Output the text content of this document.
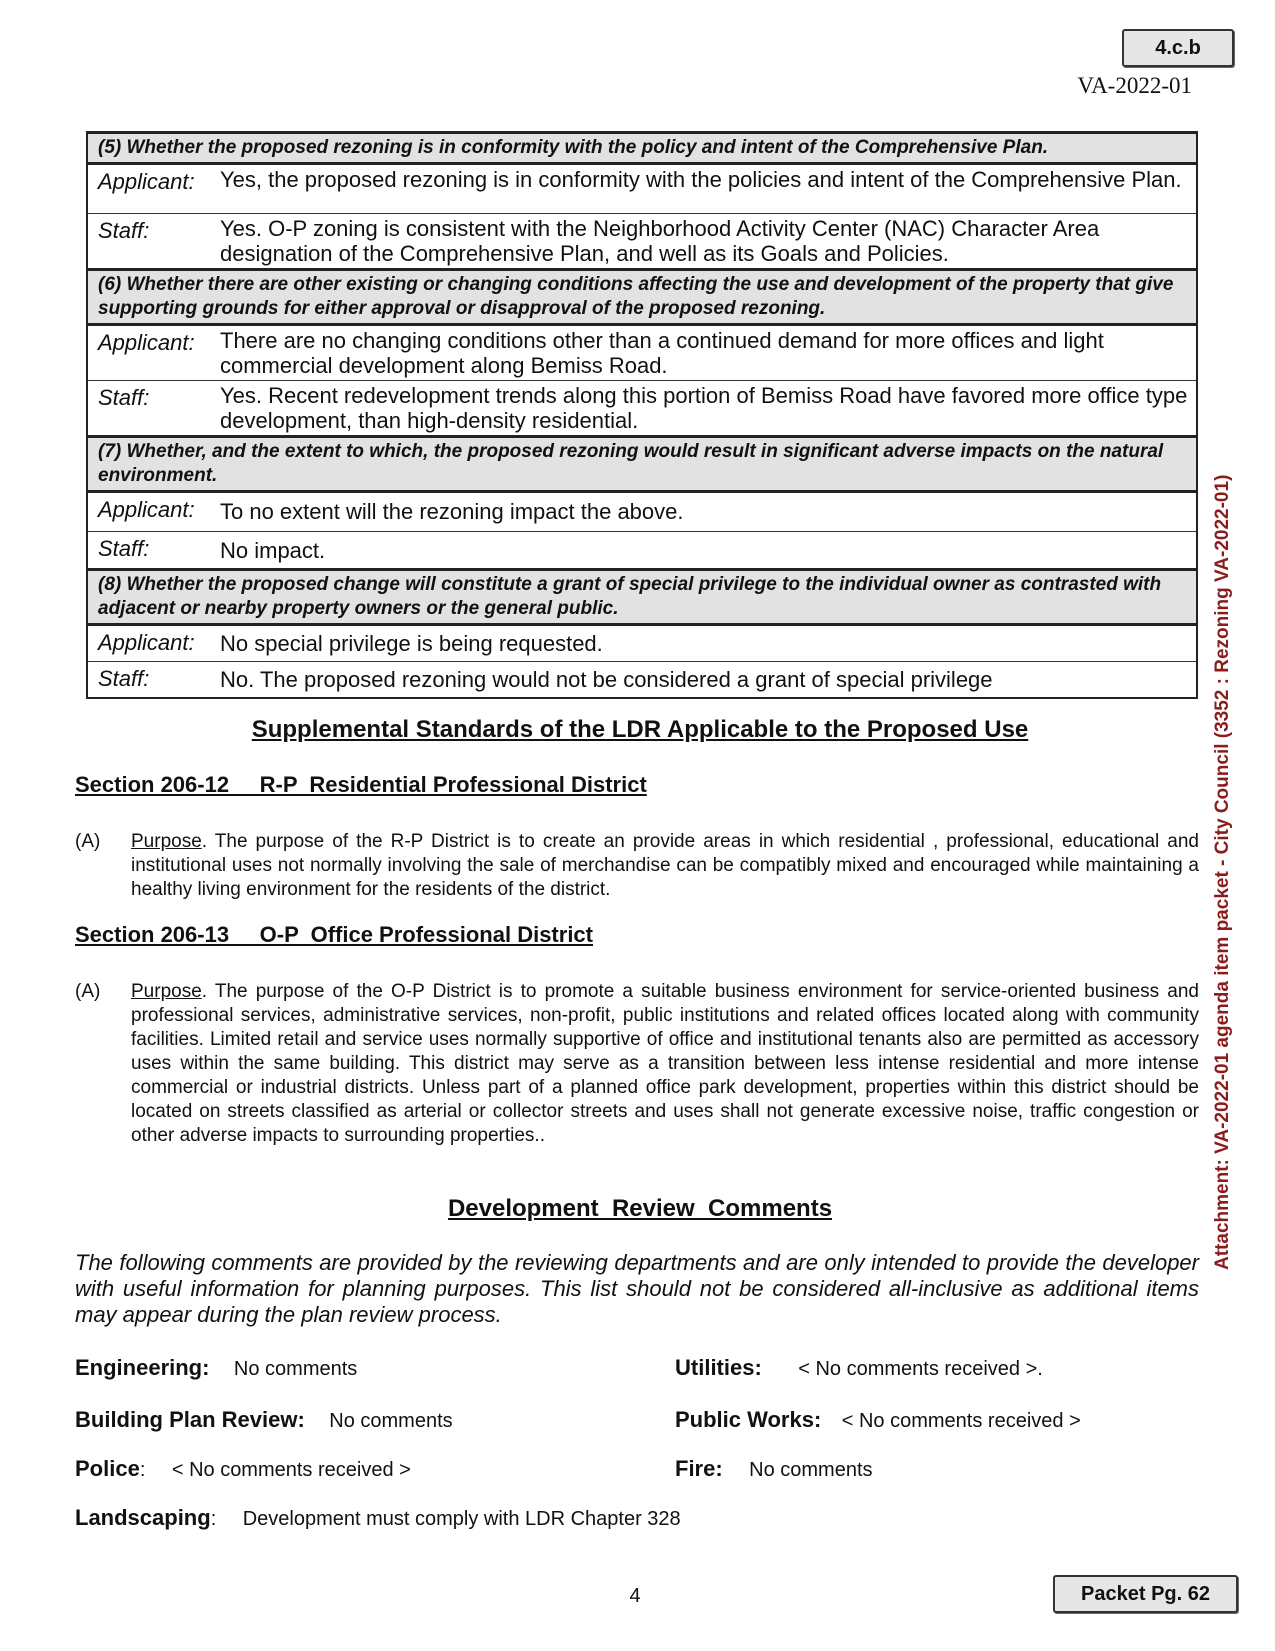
4.c.b
VA-2022-01
(5) Whether the proposed rezoning is in conformity with the policy and intent of the Comprehensive Plan.	
Applicant:	Yes, the proposed rezoning is in conformity with the policies and intent of the Comprehensive Plan.
Staff:	Yes. O-P zoning is consistent with the Neighborhood Activity Center (NAC) Character Area designation of the Comprehensive Plan, and well as its Goals and Policies.
(6) Whether there are other existing or changing conditions affecting the use and development of the property that give supporting grounds for either approval or disapproval of the proposed rezoning.	
Applicant:	There are no changing conditions other than a continued demand for more offices and light commercial development along Bemiss Road.
Staff:	Yes. Recent redevelopment trends along this portion of Bemiss Road have favored more office type development, than high-density residential.
(7) Whether, and the extent to which, the proposed rezoning would result in significant adverse impacts on the natural environment.	
Applicant:	To no extent will the rezoning impact the above.
Staff:	No impact.
(8) Whether the proposed change will constitute a grant of special privilege to the individual owner as contrasted with adjacent or nearby property owners or the general public.	
Applicant:	No special privilege is being requested.
Staff:	No. The proposed rezoning would not be considered a grant of special privilege
Supplemental Standards of the LDR Applicable to the Proposed Use
Section 206-12     R-P  Residential Professional District
(A) Purpose. The purpose of the R-P District is to create an provide areas in which residential , professional, educational and institutional uses not normally involving the sale of merchandise can be compatibly mixed and encouraged while maintaining a healthy living environment for the residents of the district.
Section 206-13     O-P  Office Professional District
(A) Purpose. The purpose of the O-P District is to promote a suitable business environment for service-oriented business and professional services, administrative services, non-profit, public institutions and related offices located along with community facilities. Limited retail and service uses normally supportive of office and institutional tenants also are permitted as accessory uses within the same building. This district may serve as a transition between less intense residential and more intense commercial or industrial districts. Unless part of a planned office park development, properties within this district should be located on streets classified as arterial or collector streets and uses shall not generate excessive noise, traffic congestion or other adverse impacts to surrounding properties..
Development  Review  Comments
The following comments are provided by the reviewing departments and are only intended to provide the developer with useful information for planning purposes. This list should not be considered all-inclusive as additional items may appear during the plan review process.
Engineering: No comments	Utilities: < No comments received >.
Building Plan Review: No comments	Public Works: < No comments received >
Police: < No comments received >	Fire: No comments
Landscaping: Development must comply with LDR Chapter 328
4	Packet Pg. 62
Attachment: VA-2022-01 agenda item packet - City Council (3352 : Rezoning VA-2022-01)
